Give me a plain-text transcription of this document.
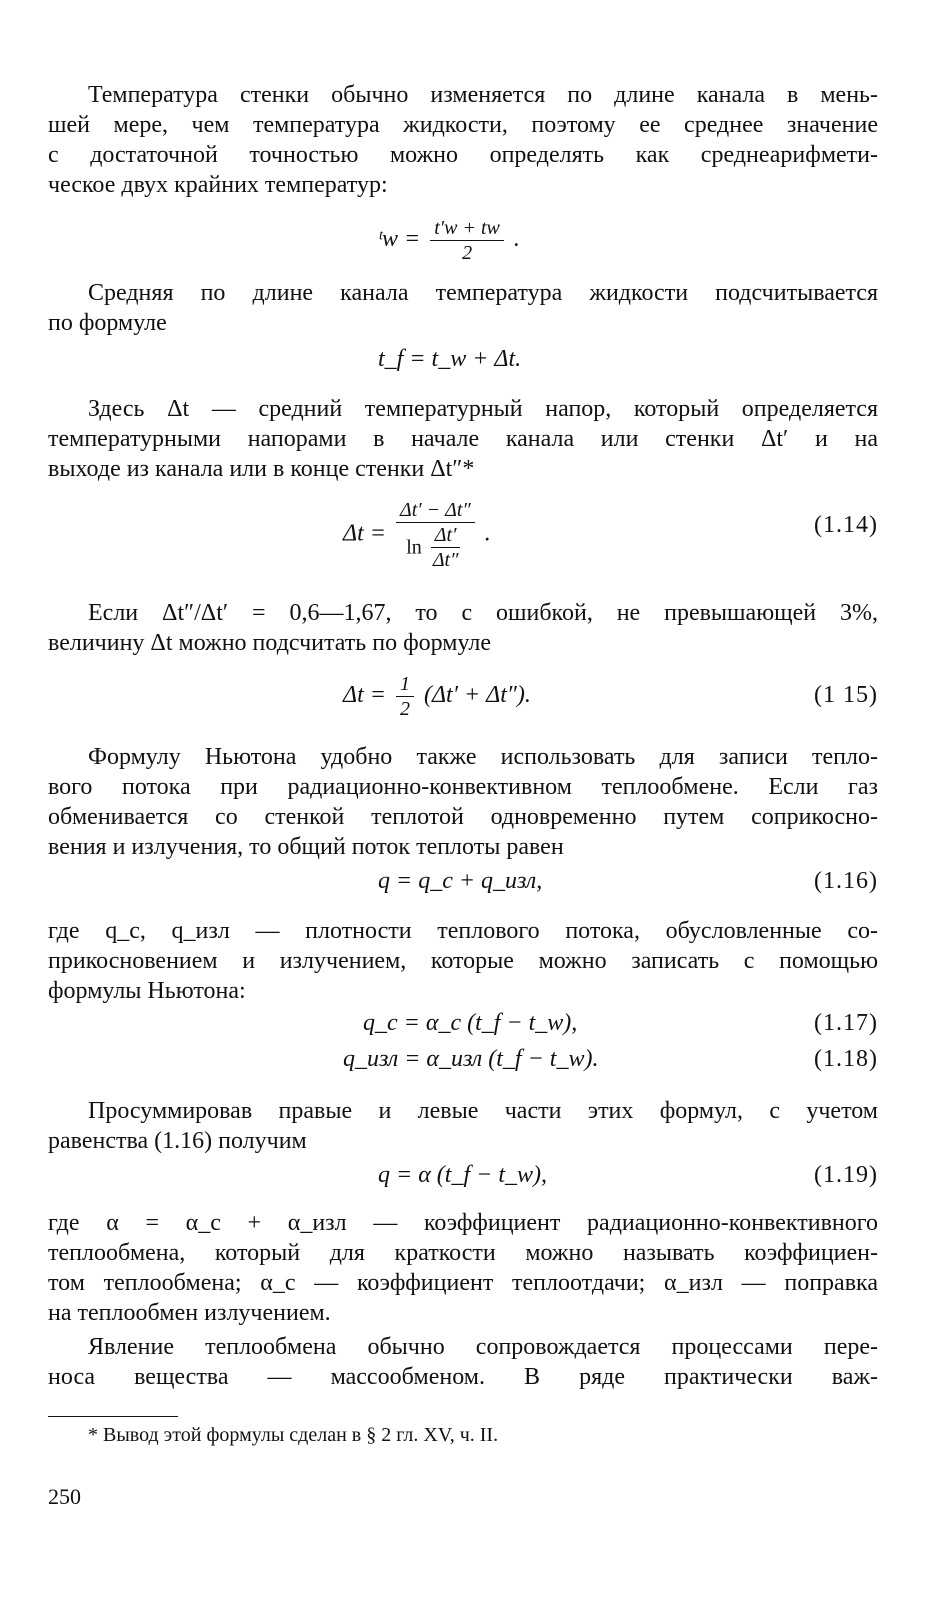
Температура стенки обычно изменяется по длине канала в мень-
шей мере, чем температура жидкости, поэтому ее среднее значение
с достаточной точностью можно определять как среднеарифмети-
ческое двух крайних температур:
ᵗw = $\frac{t'w + tw}{2}$ .
Средняя по длине канала температура жидкости подсчитывается
по формуле
t_f = t_w + Δt.
Здесь Δt — средний температурный напор, который определяется
температурными напорами в начале канала или стенки Δt′ и на
выходе из канала или в конце стенки Δt″*
$\Delta t = \frac{\Delta t' - \Delta t''}{\ln \frac{\Delta t'}{\Delta t''}}$ .	(1.14)
Если Δt″/Δt′ = 0,6—1,67, то с ошибкой, не превышающей 3%,
величину Δt можно подсчитать по формуле
$\Delta t = \frac{1}{2} (\Delta t' + \Delta t'')$.	(1 15)
Формулу Ньютона удобно также использовать для записи тепло-
вого потока при радиационно-конвективном теплообмене. Если газ
обменивается со стенкой теплотой одновременно путем соприкосно-
вения и излучения, то общий поток теплоты равен
q = q_c + q_изл,	(1.16)
где q_c, q_изл — плотности теплового потока, обусловленные со-
прикосновением и излучением, которые можно записать с помощью
формулы Ньютона:
q_c = α_c (t_f − t_w),	(1.17)
q_изл = α_изл (t_f − t_w).	(1.18)
Просуммировав правые и левые части этих формул, с учетом
равенства (1.16) получим
q = α (t_f − t_w),	(1.19)
где α = α_c + α_изл — коэффициент радиационно-конвективного
теплообмена, который для краткости можно называть коэффициен-
том теплообмена; α_c — коэффициент теплоотдачи; α_изл — поправка
на теплообмен излучением.
Явление теплообмена обычно сопровождается процессами пере-
носа вещества — массообменом. В ряде практически важ-
* Вывод этой формулы сделан в § 2 гл. XV, ч. II.
250
